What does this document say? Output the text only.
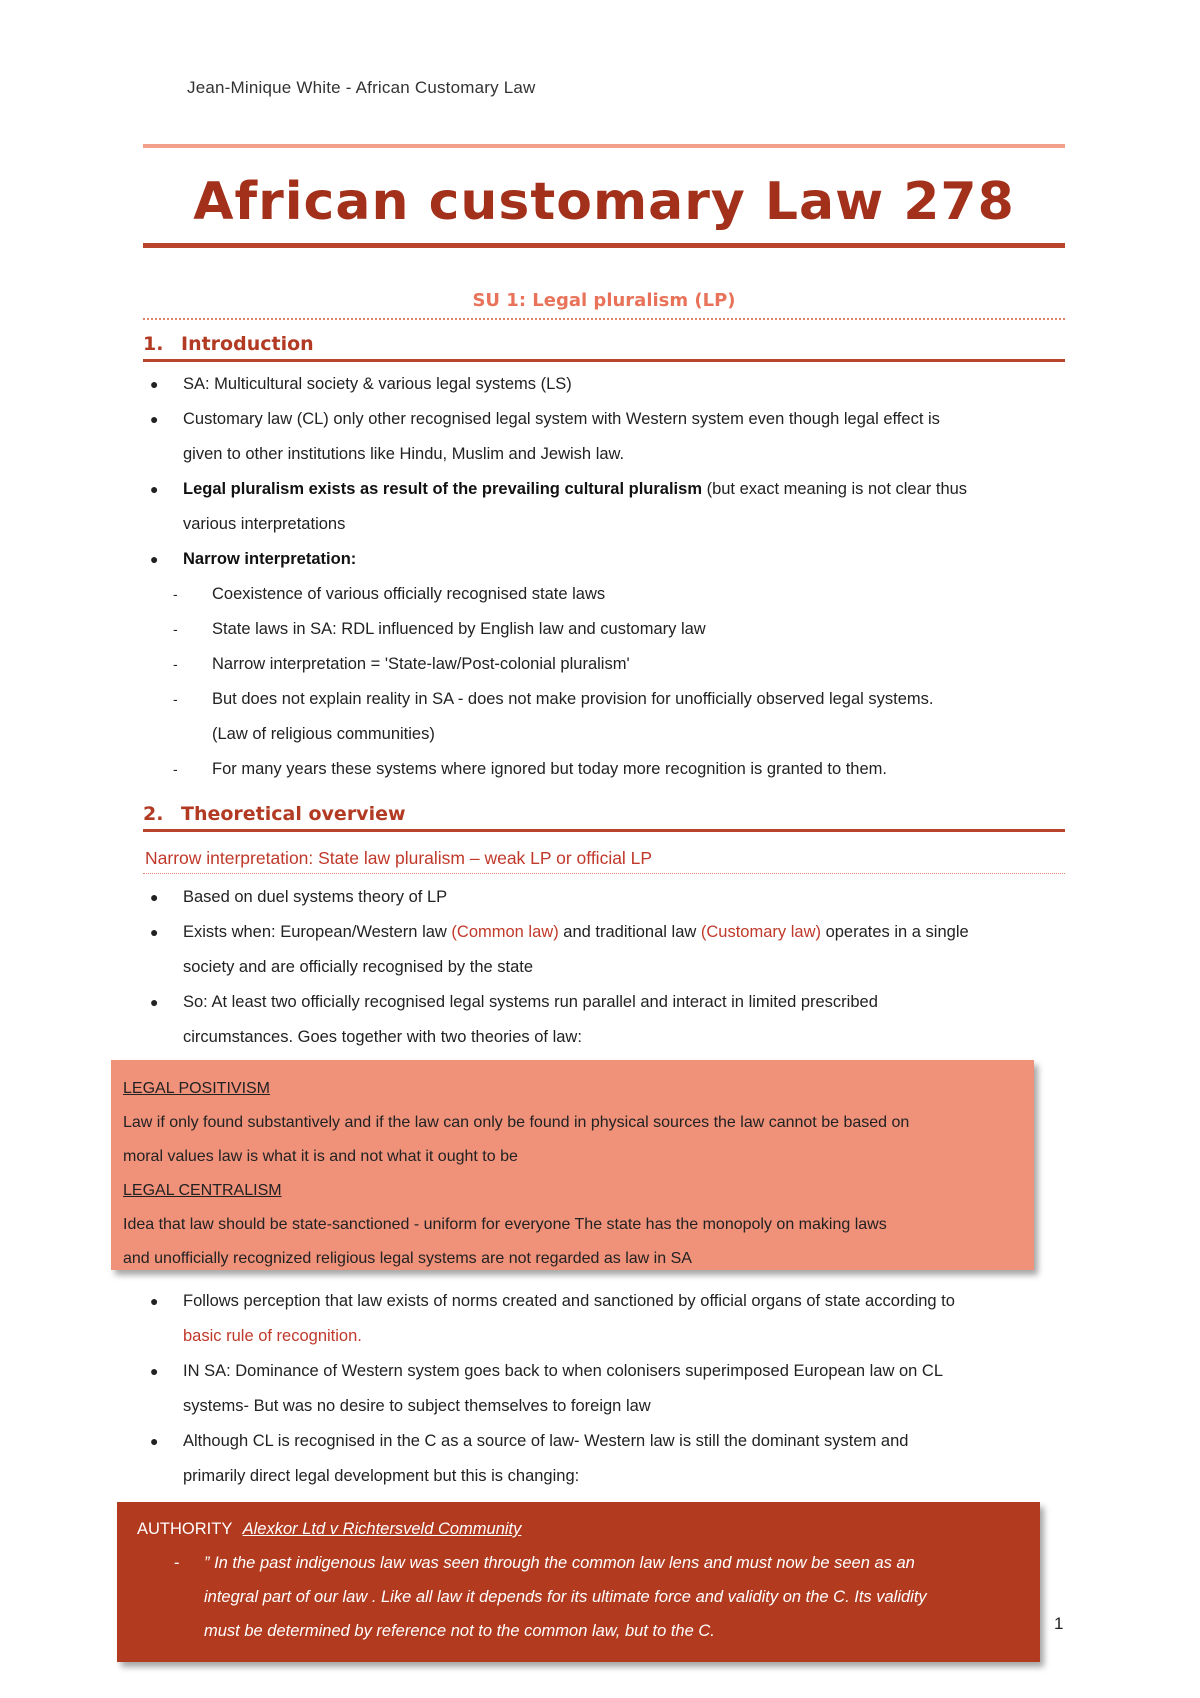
Jean-Minique White - African Customary Law
African customary Law 278
SU 1: Legal pluralism (LP)
1. Introduction
● SA: Multicultural society & various legal systems (LS)
● Customary law (CL) only other recognised legal system with Western system even though legal effect is
given to other institutions like Hindu, Muslim and Jewish law.
● Legal pluralism exists as result of the prevailing cultural pluralism (but exact meaning is not clear thus
various interpretations
● Narrow interpretation:
- Coexistence of various officially recognised state laws
- State laws in SA: RDL influenced by English law and customary law
- Narrow interpretation = 'State-law/Post-colonial pluralism'
- But does not explain reality in SA - does not make provision for unofficially observed legal systems.
(Law of religious communities)
- For many years these systems where ignored but today more recognition is granted to them.
2. Theoretical overview
Narrow interpretation: State law pluralism – weak LP or official LP
● Based on duel systems theory of LP
● Exists when: European/Western law (Common law) and traditional law (Customary law) operates in a single
society and are officially recognised by the state
● So: At least two officially recognised legal systems run parallel and interact in limited prescribed
circumstances. Goes together with two theories of law:
LEGAL POSITIVISM
Law if only found substantively and if the law can only be found in physical sources the law cannot be based on
moral values law is what it is and not what it ought to be
LEGAL CENTRALISM
Idea that law should be state-sanctioned - uniform for everyone The state has the monopoly on making laws
and unofficially recognized religious legal systems are not regarded as law in SA
● Follows perception that law exists of norms created and sanctioned by official organs of state according to
basic rule of recognition.
● IN SA: Dominance of Western system goes back to when colonisers superimposed European law on CL
systems- But was no desire to subject themselves to foreign law
● Although CL is recognised in the C as a source of law- Western law is still the dominant system and
primarily direct legal development but this is changing:
AUTHORITY Alexkor Ltd v Richtersveld Community
- ” In the past indigenous law was seen through the common law lens and must now be seen as an
integral part of our law . Like all law it depends for its ultimate force and validity on the C. Its validity
must be determined by reference not to the common law, but to the C.	1
